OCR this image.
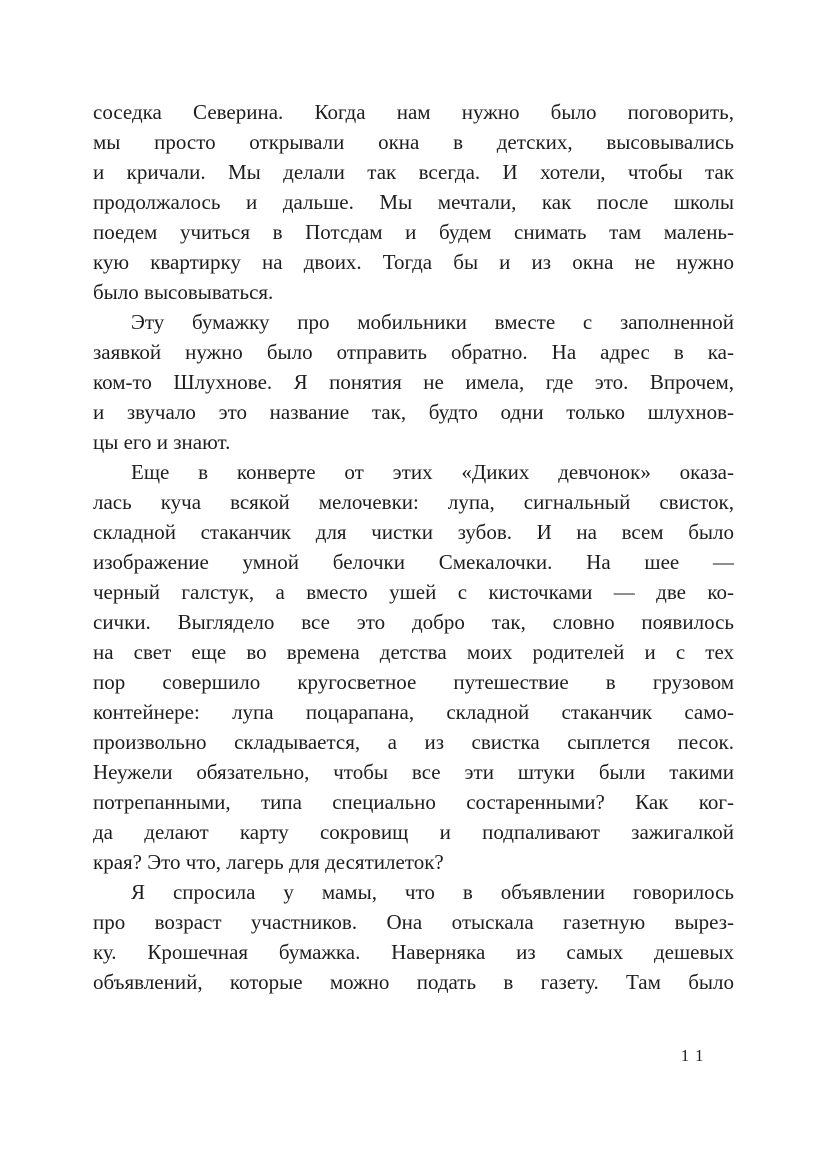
соседка Северина. Когда нам нужно было поговорить,
мы просто открывали окна в детских, высовывались
и кричали. Мы делали так всегда. И хотели, чтобы так
продолжалось и дальше. Мы мечтали, как после школы
поедем учиться в Потсдам и будем снимать там малень-
кую квартирку на двоих. Тогда бы и из окна не нужно
было высовываться.
Эту бумажку про мобильники вместе с заполненной
заявкой нужно было отправить обратно. На адрес в ка-
ком-то Шлухнове. Я понятия не имела, где это. Впрочем,
и звучало это название так, будто одни только шлухнов-
цы его и знают.
Еще в конверте от этих «Диких девчонок» оказа-
лась куча всякой мелочевки: лупа, сигнальный свисток,
складной стаканчик для чистки зубов. И на всем было
изображение умной белочки Смекалочки. На шее —
черный галстук, а вместо ушей с кисточками — две ко-
сички. Выглядело все это добро так, словно появилось
на свет еще во времена детства моих родителей и с тех
пор совершило кругосветное путешествие в грузовом
контейнере: лупа поцарапана, складной стаканчик само-
произвольно складывается, а из свистка сыплется песок.
Неужели обязательно, чтобы все эти штуки были такими
потрепанными, типа специально состаренными? Как ког-
да делают карту сокровищ и подпаливают зажигалкой
края? Это что, лагерь для десятилеток?
Я спросила у мамы, что в объявлении говорилось
про возраст участников. Она отыскала газетную вырез-
ку. Крошечная бумажка. Наверняка из самых дешевых
объявлений, которые можно подать в газету. Там было
11
